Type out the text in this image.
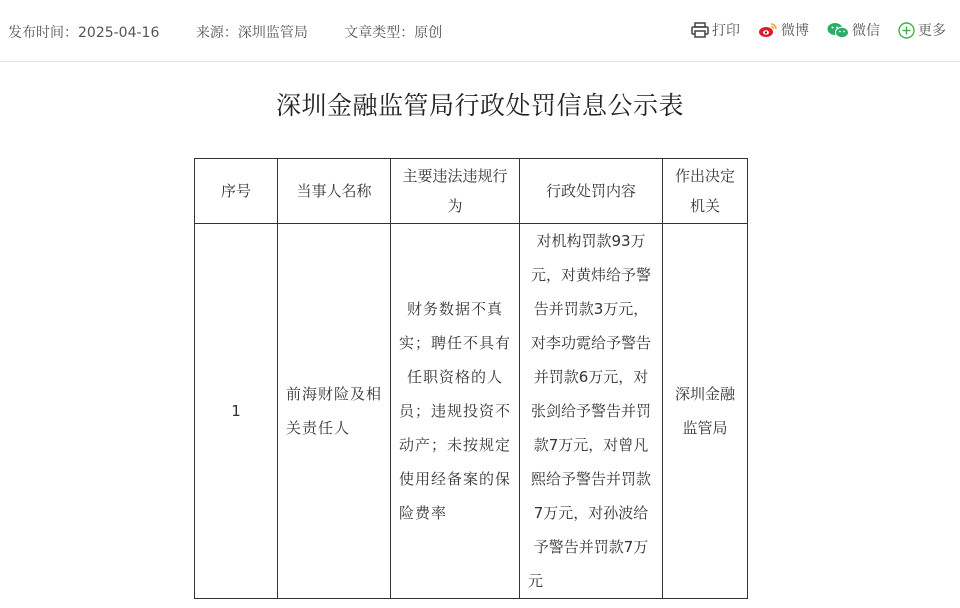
发布时间：2025-04-16	来源：深圳监管局	文章类型：原创	打印	微博	微信	更多
深圳金融监管局行政处罚信息公示表
序号	当事人名称	主要违法违规行为	行政处罚内容	作出决定机关
1	前海财险及相关责任人	财务数据不真实；聘任不具有任职资格的人员；违规投资不动产；未按规定使用经备案的保险费率	对机构罚款93万元，对黄炜给予警告并罚款3万元，对李功霓给予警告并罚款6万元，对张剑给予警告并罚款7万元，对曾凡熙给予警告并罚款7万元，对孙波给予警告并罚款7万元	深圳金融监管局
